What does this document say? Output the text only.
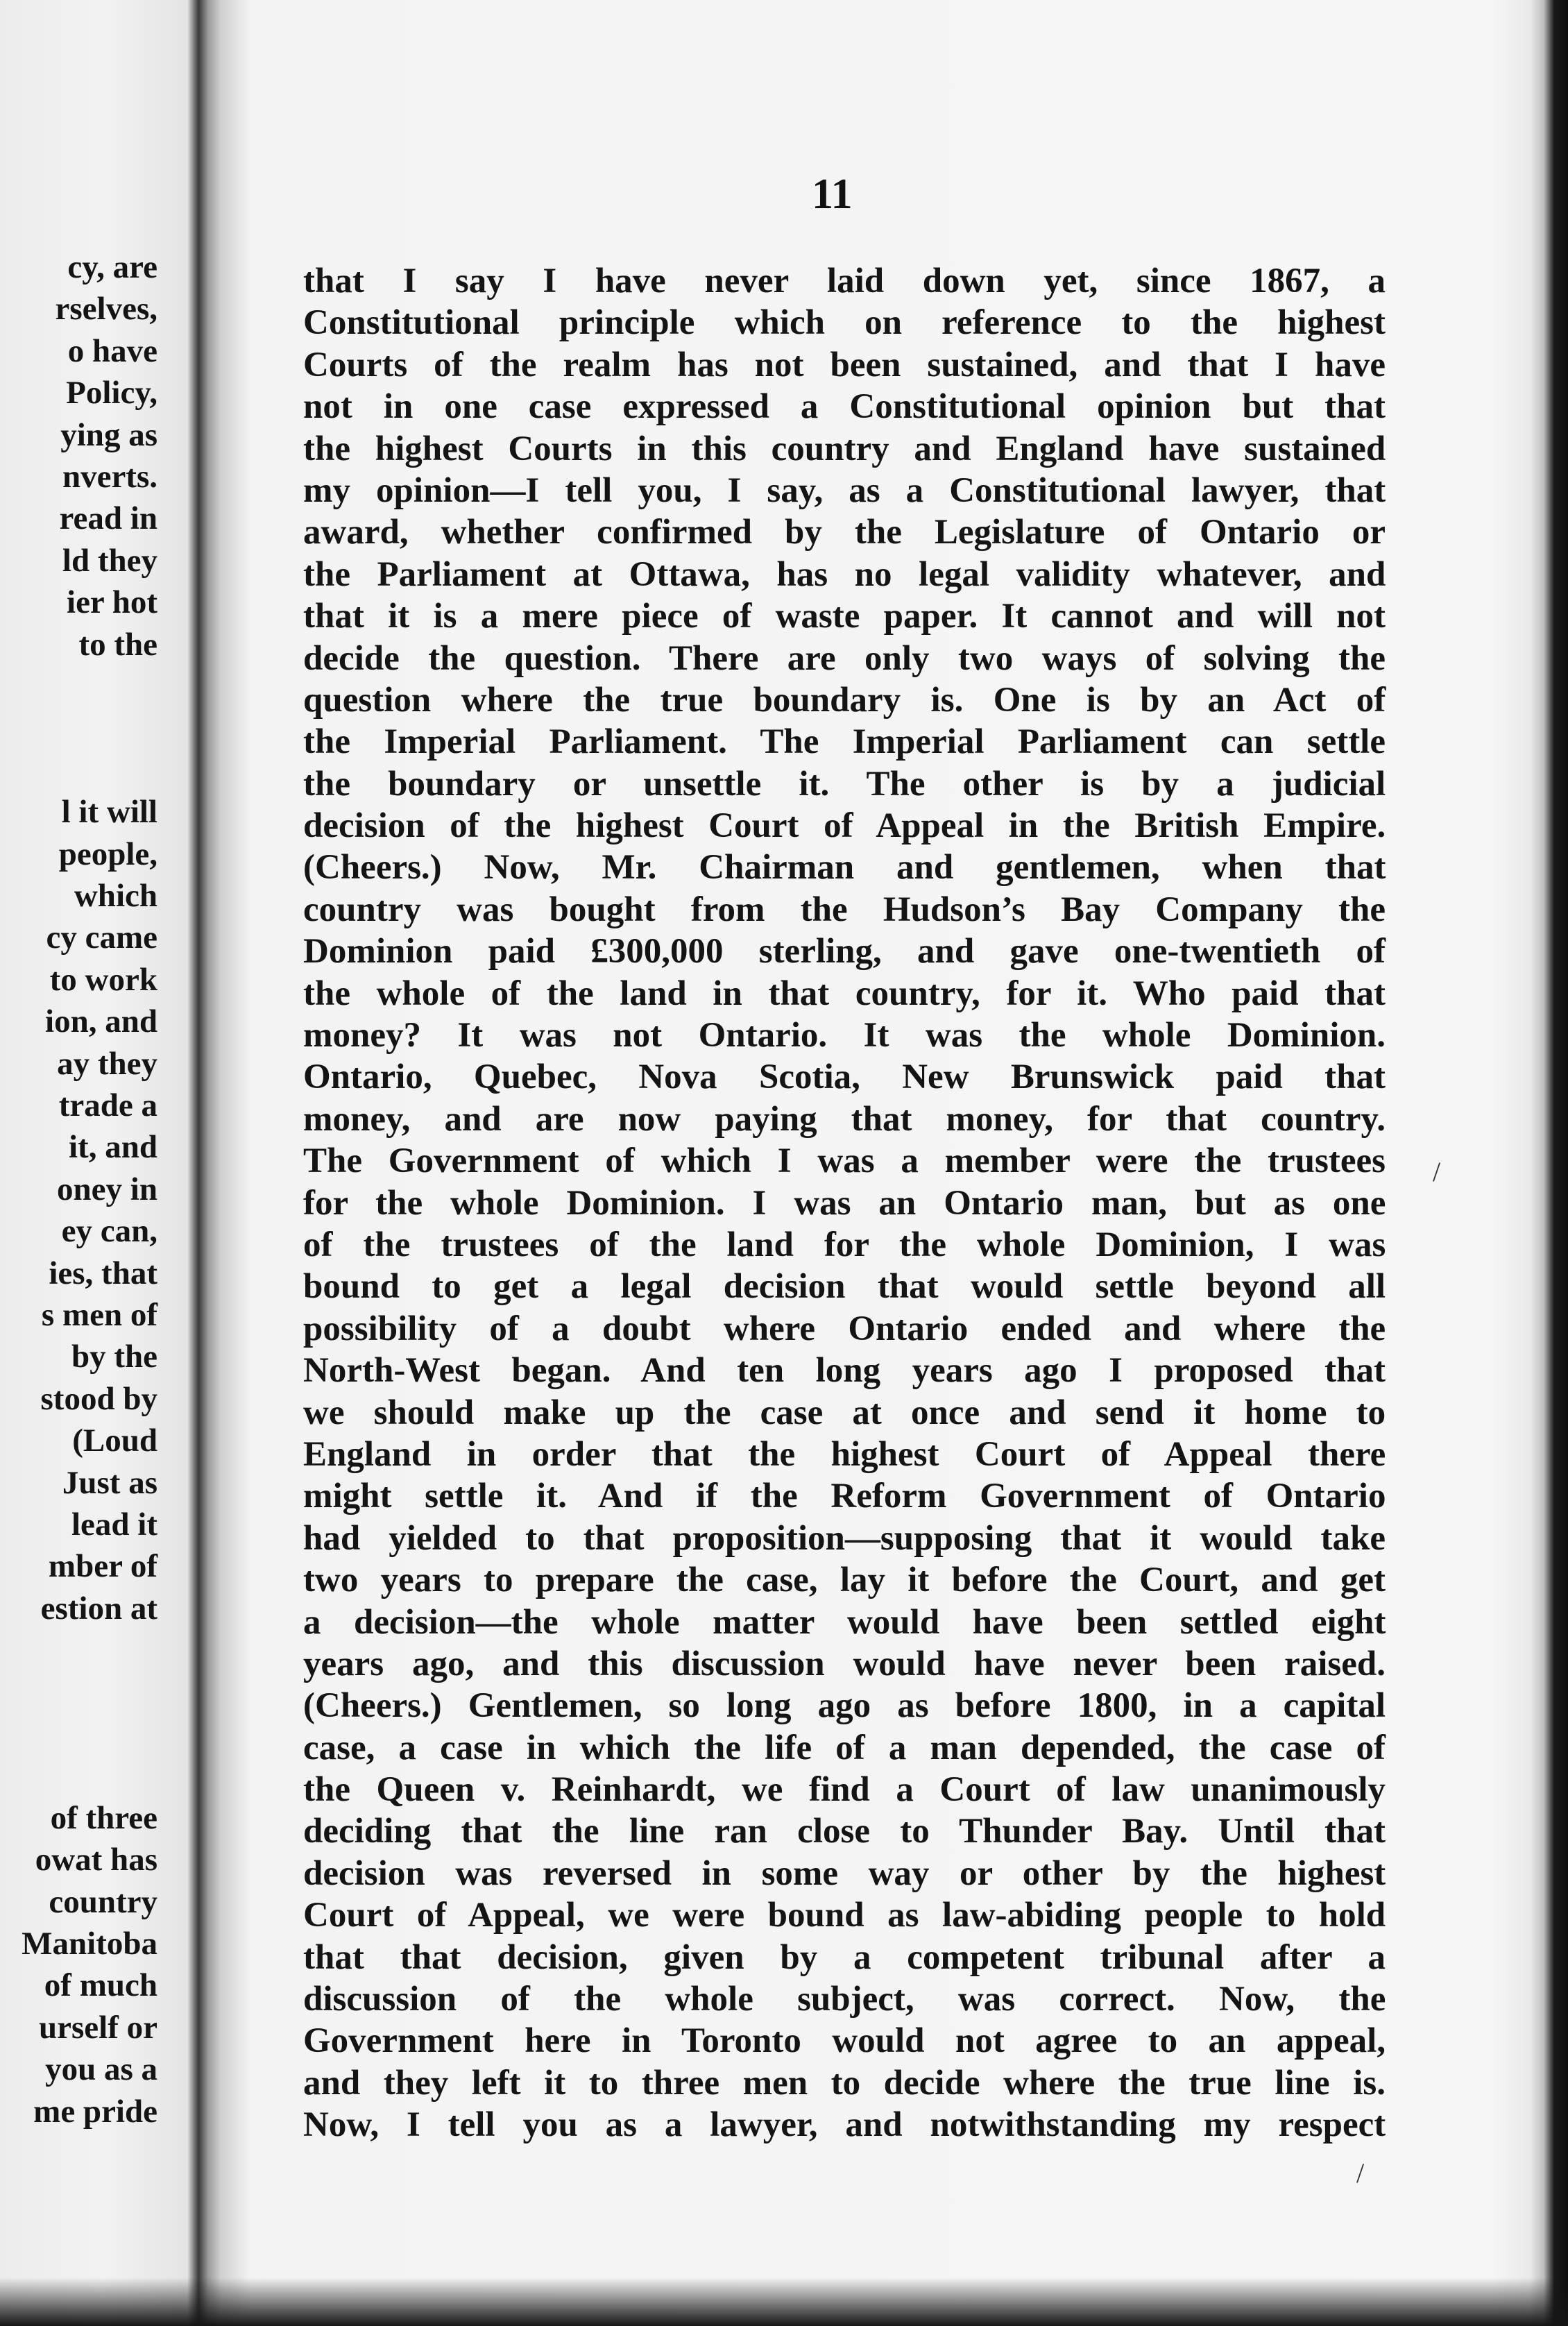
cy, are
rselves,
o have
Policy,
ying as
nverts.
read in
ld they
ier hot
to the
l it will
people,
which
cy came
to work
ion, and
ay they
trade a
it, and
oney in
ey can,
ies, that
s men of
by the
stood by
(Loud
Just as
lead it
mber of
estion at
of three
owat has
country
Manitoba
of much
urself or
you as a
me pride
11
that I say I have never laid down yet, since 1867, a
Constitutional principle which on reference to the highest
Courts of the realm has not been sustained, and that I have
not in one case expressed a Constitutional opinion but that
the highest Courts in this country and England have sustained
my opinion—I tell you, I say, as a Constitutional lawyer, that
award, whether confirmed by the Legislature of Ontario or
the Parliament at Ottawa, has no legal validity whatever, and
that it is a mere piece of waste paper. It cannot and will not
decide the question. There are only two ways of solving the
question where the true boundary is. One is by an Act of
the Imperial Parliament. The Imperial Parliament can settle
the boundary or unsettle it. The other is by a judicial
decision of the highest Court of Appeal in the British Empire.
(Cheers.) Now, Mr. Chairman and gentlemen, when that
country was bought from the Hudson’s Bay Company the
Dominion paid £300,000 sterling, and gave one-twentieth of
the whole of the land in that country, for it. Who paid that
money? It was not Ontario. It was the whole Dominion.
Ontario, Quebec, Nova Scotia, New Brunswick paid that
money, and are now paying that money, for that country.
The Government of which I was a member were the trustees
for the whole Dominion. I was an Ontario man, but as one
of the trustees of the land for the whole Dominion, I was
bound to get a legal decision that would settle beyond all
possibility of a doubt where Ontario ended and where the
North-West began. And ten long years ago I proposed that
we should make up the case at once and send it home to
England in order that the highest Court of Appeal there
might settle it. And if the Reform Government of Ontario
had yielded to that proposition—supposing that it would take
two years to prepare the case, lay it before the Court, and get
a decision—the whole matter would have been settled eight
years ago, and this discussion would have never been raised.
(Cheers.) Gentlemen, so long ago as before 1800, in a capital
case, a case in which the life of a man depended, the case of
the Queen v. Reinhardt, we find a Court of law unanimously
deciding that the line ran close to Thunder Bay. Until that
decision was reversed in some way or other by the highest
Court of Appeal, we were bound as law-abiding people to hold
that that decision, given by a competent tribunal after a
discussion of the whole subject, was correct. Now, the
Government here in Toronto would not agree to an appeal,
and they left it to three men to decide where the true line is.
Now, I tell you as a lawyer, and notwithstanding my respect
/
/
